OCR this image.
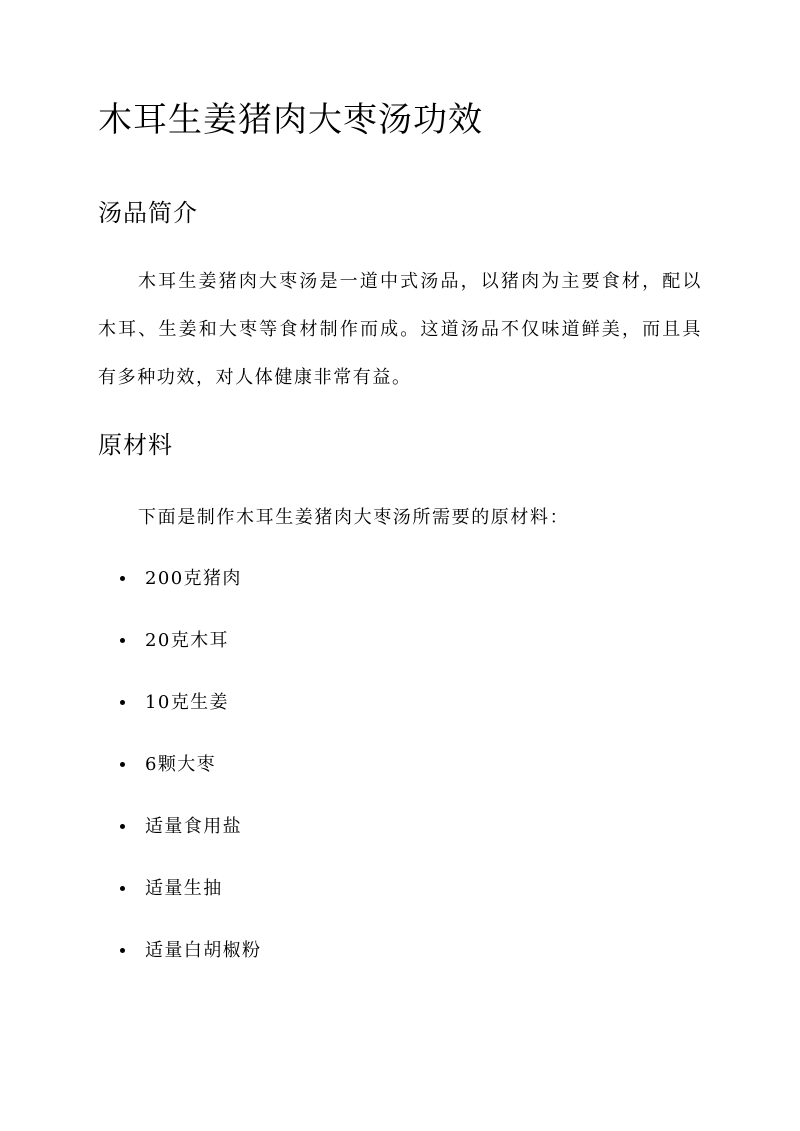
木耳生姜猪肉大枣汤功效
汤品简介

木耳生姜猪肉大枣汤是一道中式汤品，以猪肉为主要食材，配以木耳、生姜和大枣等食材制作而成。这道汤品不仅味道鲜美，而且具有多种功效，对人体健康非常有益。

原材料

下面是制作木耳生姜猪肉大枣汤所需要的原材料：

200克猪肉
20克木耳
10克生姜
6颗大枣
适量食用盐
适量生抽
适量白胡椒粉
